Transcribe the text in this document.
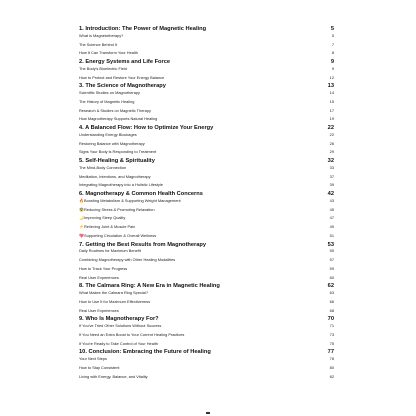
1. Introduction: The Power of Magnetic Healing	5
What is Magnetotherapy?	5
The Science Behind It	7
How It Can Transform Your Health	8
2. Energy Systems and Life Force	9
The Body's Bioelectric Field	9
How to Protect and Restore Your Energy Balance	12
3. The Science of Magnotherapy	13
Scientific Studies on Magnotherapy	14
The History of Magnetic Healing	15
Research & Studies on Magnetic Therapy	17
How Magnotherapy Supports Natural Healing	19
4. A Balanced Flow: How to Optimize Your Energy	22
Understanding Energy Blockages	22
Restoring Balance with Magnotherapy	26
Signs Your Body is Responding to Treatment	29
5. Self-Healing & Spirituality	32
The Mind-Body Connection	33
Meditation, Intentions, and Magnotherapy	37
Integrating Magnotherapy into a Holistic Lifestyle	39
6. Magnotherapy & Common Health Concerns	42
🔥Boosting Metabolism & Supporting Weight Management	43
😨Reducing Stress & Promoting Relaxation	45
🌙Improving Sleep Quality	47
⚡Relieving Joint & Muscle Pain	49
💖Supporting Circulation & Overall Wellness	51
7. Getting the Best Results from Magnotherapy	53
Daily Routines for Maximum Benefit	55
Combining Magnotherapy with Other Healing Modalities	57
How to Track Your Progress	59
Real User Experiences	60
8. The Calmara Ring: A New Era in Magnetic Healing	62
What Makes the Calmara Ring Special?	63
How to Use It for Maximum Effectiveness	66
Real User Experiences	68
9. Who Is Magnotherapy For?	70
If You've Tried Other Solutions Without Success	71
If You Need an Extra Boost to Your Current Healing Practices	73
If You're Ready to Take Control of Your Health	75
10. Conclusion: Embracing the Future of Healing	77
Your Next Steps	78
How to Stay Consistent	80
Living with Energy, Balance, and Vitality	82
